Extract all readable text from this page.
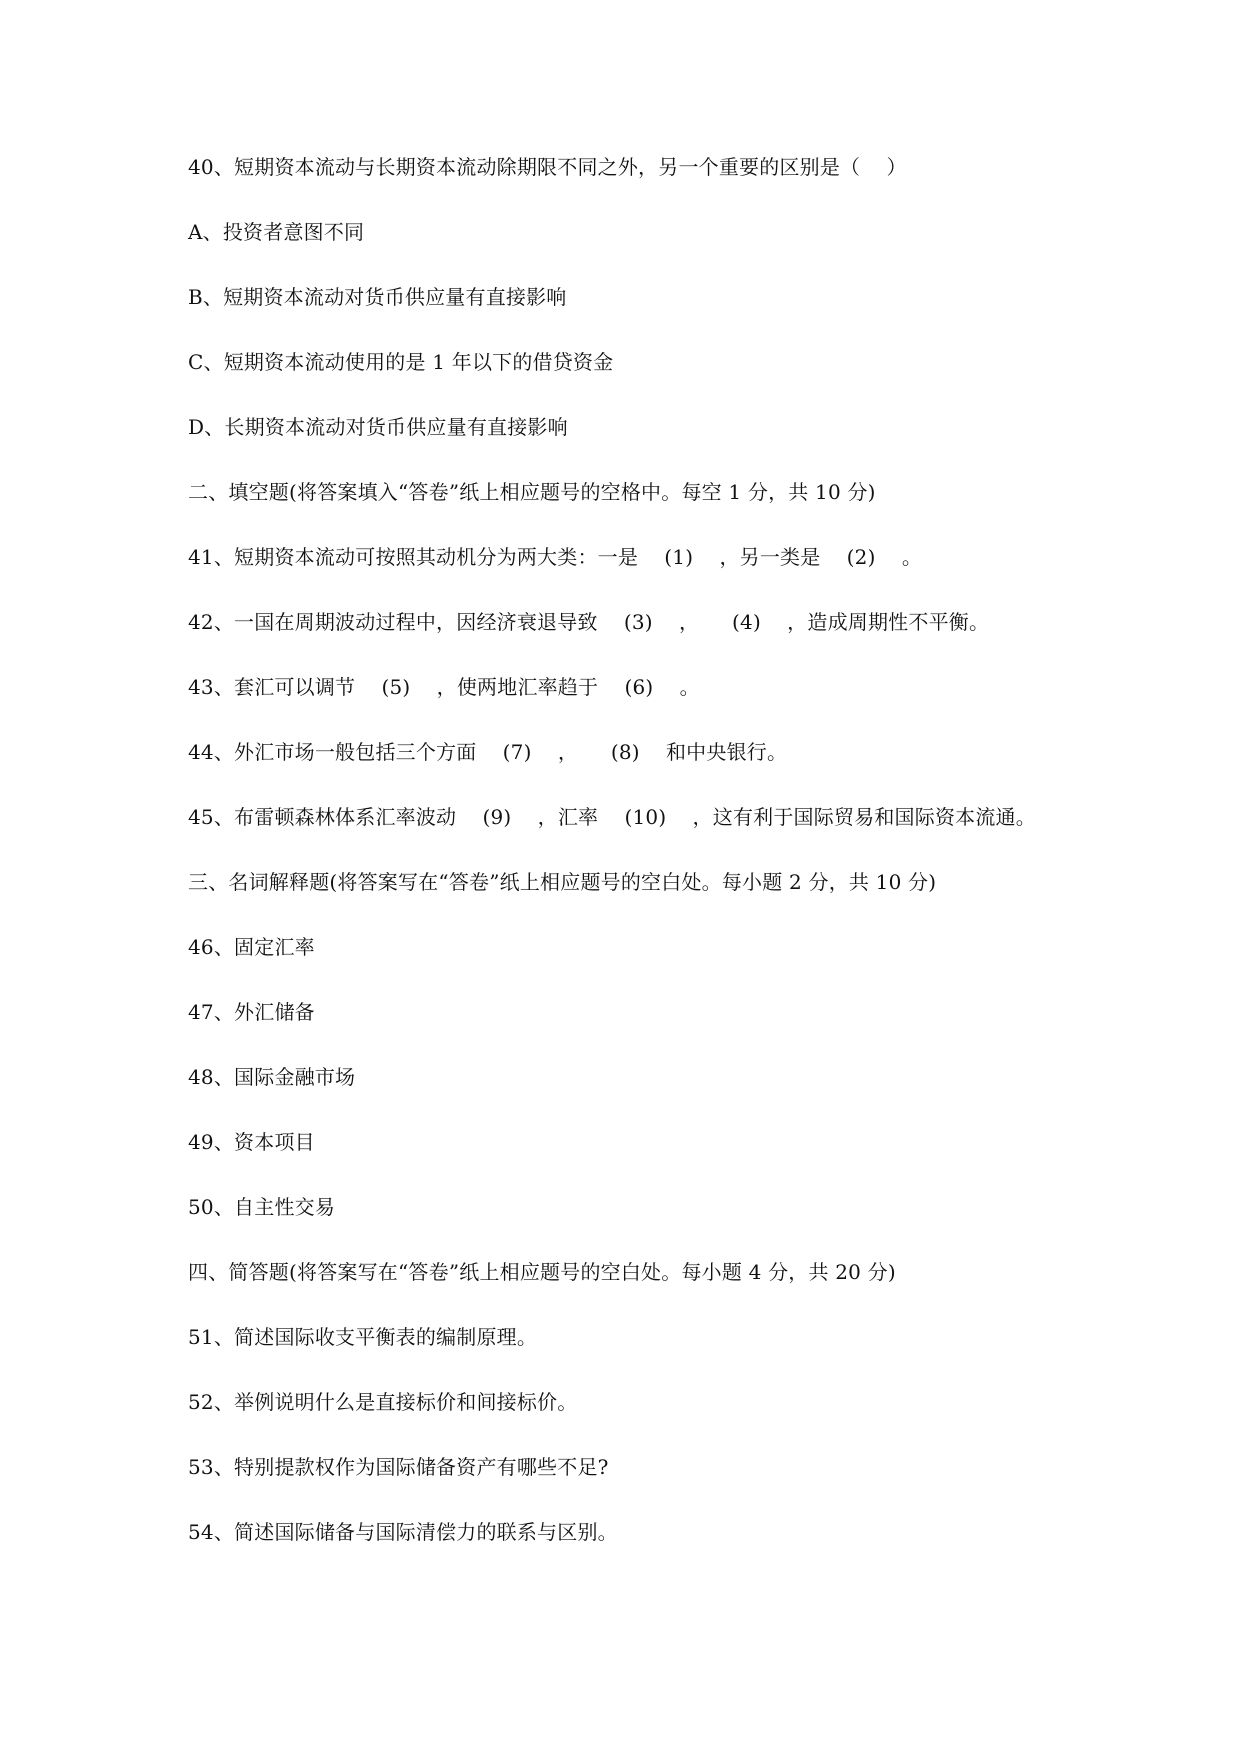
40、短期资本流动与长期资本流动除期限不同之外，另一个重要的区别是（    ）
A、投资者意图不同
B、短期资本流动对货币供应量有直接影响
C、短期资本流动使用的是 1 年以下的借贷资金
D、长期资本流动对货币供应量有直接影响
二、填空题(将答案填入“答卷”纸上相应题号的空格中。每空 1 分，共 10 分)
41、短期资本流动可按照其动机分为两大类：一是    (1)    ，另一类是    (2)    。
42、一国在周期波动过程中，因经济衰退导致    (3)    ，     (4)    ，造成周期性不平衡。
43、套汇可以调节    (5)    ，使两地汇率趋于    (6)    。
44、外汇市场一般包括三个方面    (7)    ，     (8)    和中央银行。
45、布雷顿森林体系汇率波动    (9)    ，汇率    (10)    ，这有利于国际贸易和国际资本流通。
三、名词解释题(将答案写在“答卷”纸上相应题号的空白处。每小题 2 分，共 10 分)
46、固定汇率
47、外汇储备
48、国际金融市场
49、资本项目
50、自主性交易
四、简答题(将答案写在“答卷”纸上相应题号的空白处。每小题 4 分，共 20 分)
51、简述国际收支平衡表的编制原理。
52、举例说明什么是直接标价和间接标价。
53、特别提款权作为国际储备资产有哪些不足?
54、简述国际储备与国际清偿力的联系与区别。
